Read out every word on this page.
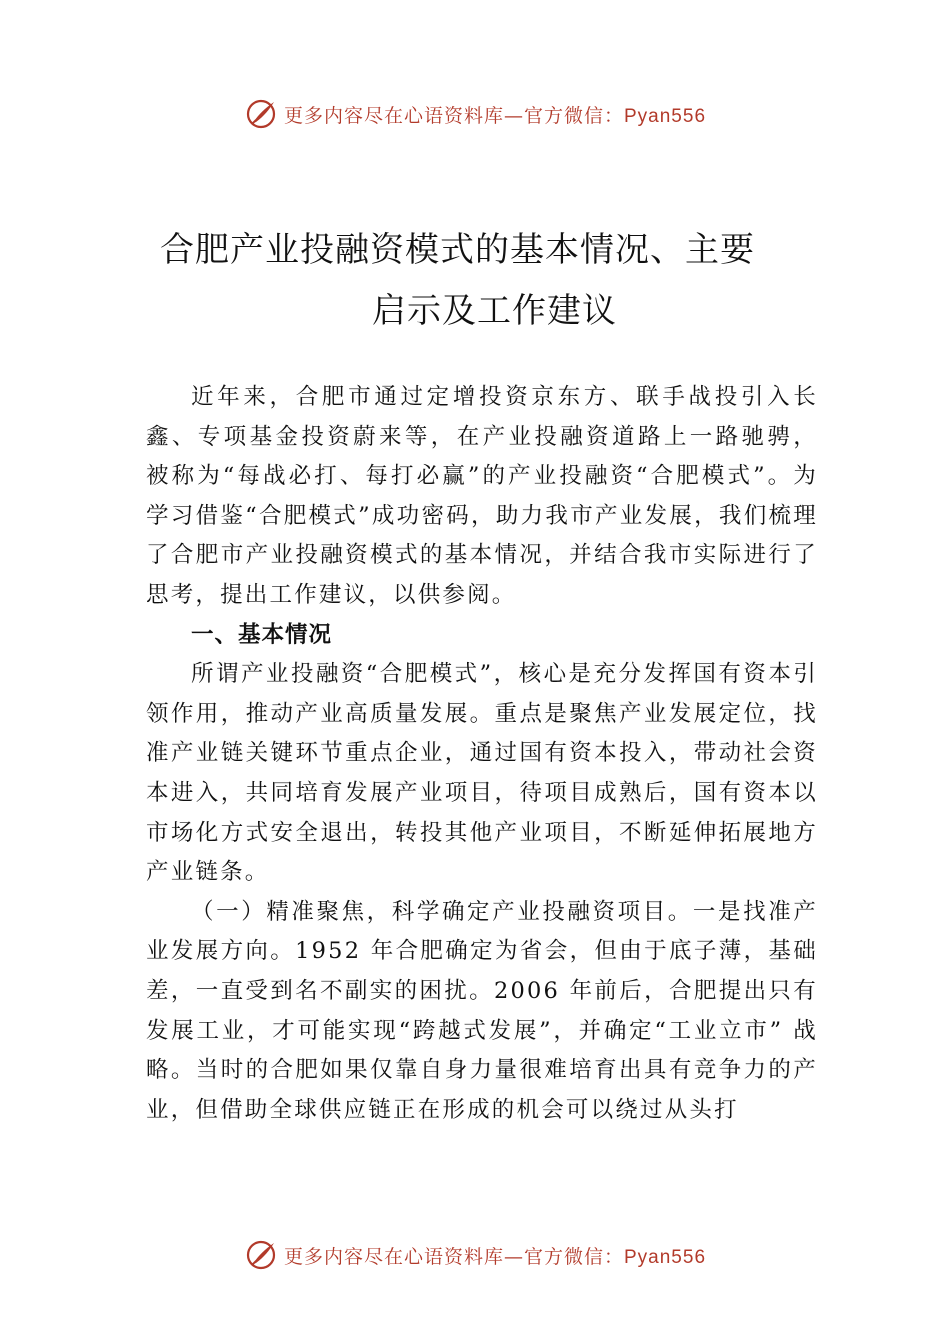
更多内容尽在心语资料库—官方微信：Pyan556
合肥产业投融资模式的基本情况、主要
启示及工作建议

近年来，合肥市通过定增投资京东方、联手战投引入长鑫、专项基金投资蔚来等，在产业投融资道路上一路驰骋， 被称为“每战必打、每打必赢”的产业投融资“合肥模式”。为学习借鉴“合肥模式”成功密码，助力我市产业发展，我们梳理了合肥市产业投融资模式的基本情况，并结合我市实际进行了思考，提出工作建议，以供参阅。

一、基本情况

所谓产业投融资“合肥模式”，核心是充分发挥国有资本引领作用，推动产业高质量发展。重点是聚焦产业发展定位，找准产业链关键环节重点企业，通过国有资本投入，带动社会资本进入，共同培育发展产业项目，待项目成熟后，国有资本以市场化方式安全退出，转投其他产业项目，不断延伸拓展地方产业链条。

（一）精准聚焦，科学确定产业投融资项目。一是找准产业发展方向。1952 年合肥确定为省会，但由于底子薄，基础差，一直受到名不副实的困扰。2006 年前后，合肥提出只有发展工业，才可能实现“跨越式发展”，并确定“工业立市” 战略。当时的合肥如果仅靠自身力量很难培育出具有竞争力的产业，但借助全球供应链正在形成的机会可以绕过从头打

更多内容尽在心语资料库—官方微信：Pyan556
